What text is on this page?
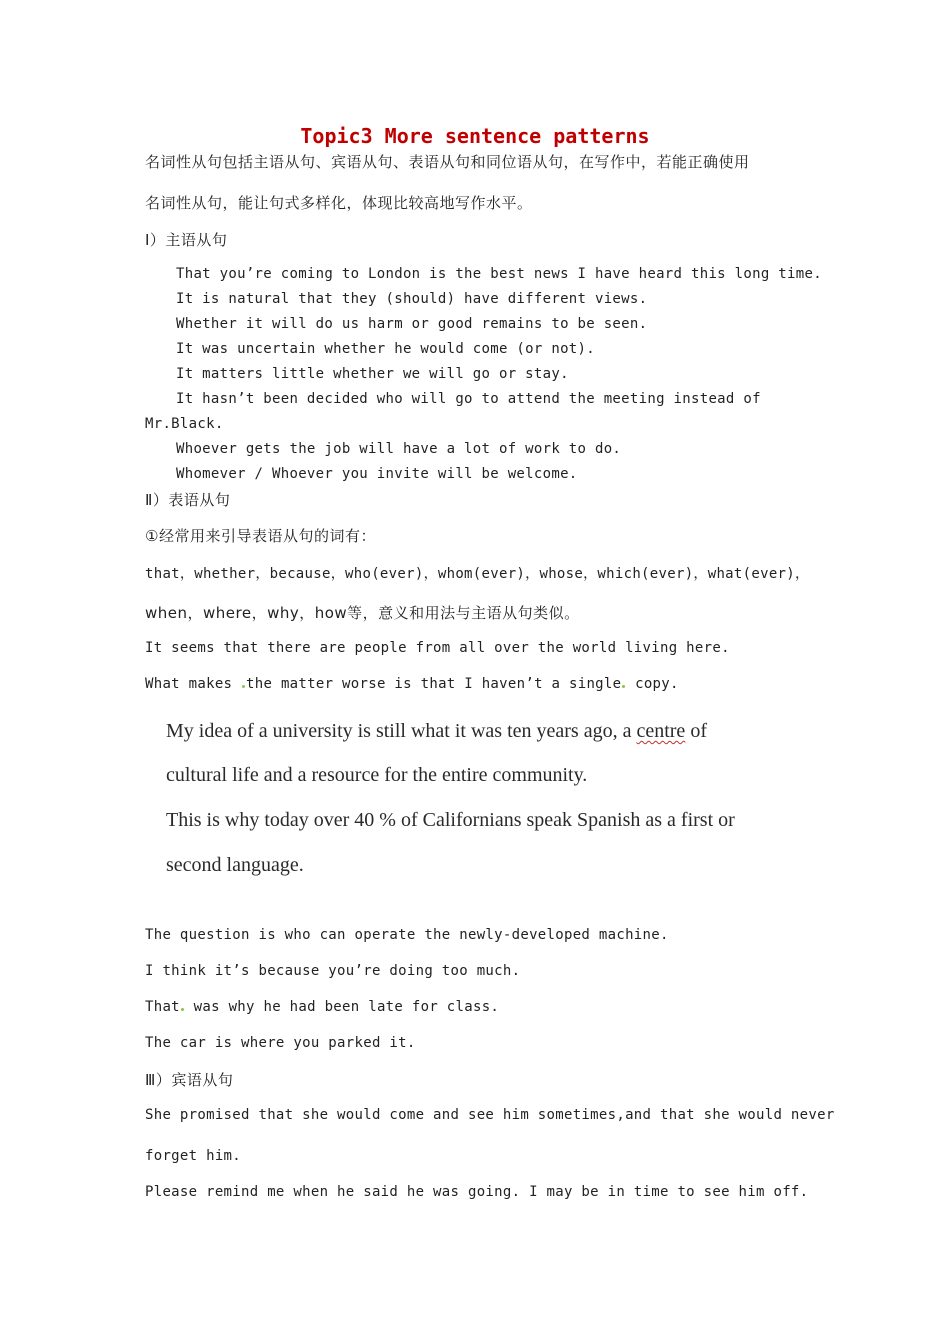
Topic3 More sentence patterns
名词性从句包括主语从句、宾语从句、表语从句和同位语从句，在写作中，若能正确使用
名词性从句，能让句式多样化，体现比较高地写作水平。
Ⅰ）主语从句
That you’re coming to London is the best news I have heard this long time.
It is natural that they (should) have different views.
Whether it will do us harm or good remains to be seen.
It was uncertain whether he would come (or not).
It matters little whether we will go or stay.
It hasn’t been decided who will go to attend the meeting instead of
Mr.Black.
Whoever gets the job will have a lot of work to do.
Whomever / Whoever you invite will be welcome.
Ⅱ）表语从句
①经常用来引导表语从句的词有：
that，whether，because，who(ever)，whom(ever)，whose，which(ever)，what(ever)，
when，where，why，how等，意义和用法与主语从句类似。
It seems that there are people from all over the world living here.
What makes the matter worse is that I haven’t a single copy.
My idea of a university is still what it was ten years ago, a centre of
cultural life and a resource for the entire community.
This is why today over 40 % of Californians speak Spanish as a first or
second language.
The question is who can operate the newly-developed machine.
I think it’s because you’re doing too much.
That was why he had been late for class.
The car is where you parked it.
Ⅲ）宾语从句
She promised that she would come and see him sometimes,and that she would never
forget him.
Please remind me when he said he was going. I may be in time to see him off.
